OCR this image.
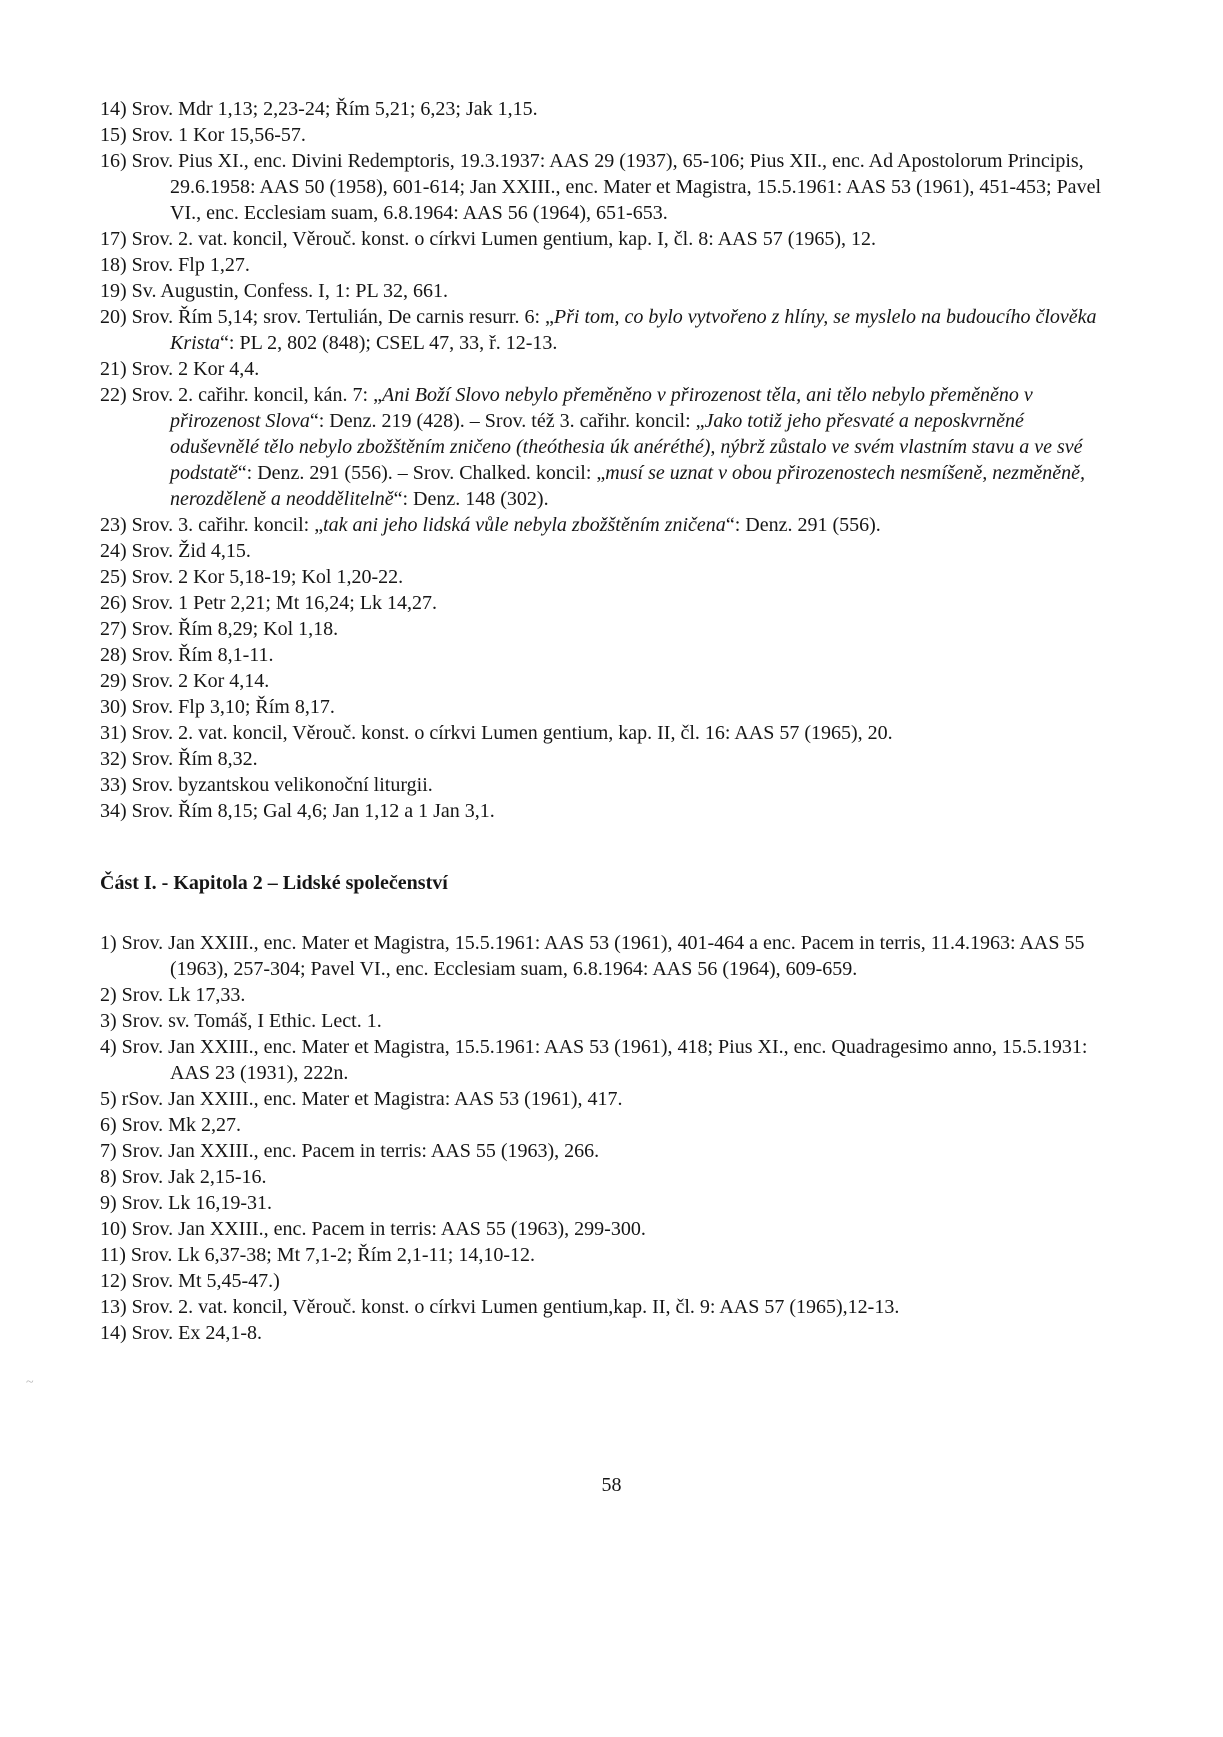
14) Srov. Mdr 1,13; 2,23-24; Řím 5,21; 6,23; Jak 1,15.
15) Srov. 1 Kor 15,56-57.
16) Srov. Pius XI., enc. Divini Redemptoris, 19.3.1937: AAS 29 (1937), 65-106; Pius XII., enc. Ad Apostolorum Principis, 29.6.1958: AAS 50 (1958), 601-614; Jan XXIII., enc. Mater et Magistra, 15.5.1961: AAS 53 (1961), 451-453; Pavel VI., enc. Ecclesiam suam, 6.8.1964: AAS 56 (1964), 651-653.
17) Srov. 2. vat. koncil, Věrouč. konst. o církvi Lumen gentium, kap. I, čl. 8: AAS 57 (1965), 12.
18) Srov. Flp 1,27.
19) Sv. Augustin, Confess. I, 1: PL 32, 661.
20) Srov. Řím 5,14; srov. Tertulián, De carnis resurr. 6: „Při tom, co bylo vytvořeno z hlíny, se myslelo na budoucího člověka Krista“: PL 2, 802 (848); CSEL 47, 33, ř. 12-13.
21) Srov. 2 Kor 4,4.
22) Srov. 2. cařihr. koncil, kán. 7: „Ani Boží Slovo nebylo přeměněno v přirozenost těla, ani tělo nebylo přeměněno v přirozenost Slova“: Denz. 219 (428). – Srov. též 3. cařihr. koncil: „Jako totiž jeho přesvaté a neposkvrněné oduševnělé tělo nebylo zbožštěním zničeno (theóthesia úk anéréthé), nýbrž zůstalo ve svém vlastním stavu a ve své podstatě“: Denz. 291 (556). – Srov. Chalked. koncil: „musí se uznat v obou přirozenostech nesmíšeně, nezměněně, nerozděleně a neoddělitelně“: Denz. 148 (302).
23) Srov. 3. cařihr. koncil: „tak ani jeho lidská vůle nebyla zbožštěním zničena“: Denz. 291 (556).
24) Srov. Žid 4,15.
25) Srov. 2 Kor 5,18-19; Kol 1,20-22.
26) Srov. 1 Petr 2,21; Mt 16,24; Lk 14,27.
27) Srov. Řím 8,29; Kol 1,18.
28) Srov. Řím 8,1-11.
29) Srov. 2 Kor 4,14.
30) Srov. Flp 3,10; Řím 8,17.
31) Srov. 2. vat. koncil, Věrouč. konst. o církvi Lumen gentium, kap. II, čl. 16: AAS 57 (1965), 20.
32) Srov. Řím 8,32.
33) Srov. byzantskou velikonoční liturgii.
34) Srov. Řím 8,15; Gal 4,6; Jan 1,12 a 1 Jan 3,1.
Část I. - Kapitola 2 – Lidské společenství
1) Srov. Jan XXIII., enc. Mater et Magistra, 15.5.1961: AAS 53 (1961), 401-464 a enc. Pacem in terris, 11.4.1963: AAS 55 (1963), 257-304; Pavel VI., enc. Ecclesiam suam, 6.8.1964: AAS 56 (1964), 609-659.
2) Srov. Lk 17,33.
3) Srov. sv. Tomáš, I Ethic. Lect. 1.
4) Srov. Jan XXIII., enc. Mater et Magistra, 15.5.1961: AAS 53 (1961), 418; Pius XI., enc. Quadragesimo anno, 15.5.1931: AAS 23 (1931), 222n.
5) rSov. Jan XXIII., enc. Mater et Magistra: AAS 53 (1961), 417.
6) Srov. Mk 2,27.
7) Srov. Jan XXIII., enc. Pacem in terris: AAS 55 (1963), 266.
8) Srov. Jak 2,15-16.
9) Srov. Lk 16,19-31.
10) Srov. Jan XXIII., enc. Pacem in terris: AAS 55 (1963), 299-300.
11) Srov. Lk 6,37-38; Mt 7,1-2; Řím 2,1-11; 14,10-12.
12) Srov. Mt 5,45-47.)
13) Srov. 2. vat. koncil, Věrouč. konst. o církvi Lumen gentium,kap. II, čl. 9: AAS 57 (1965),12-13.
14) Srov. Ex 24,1-8.
~
58
